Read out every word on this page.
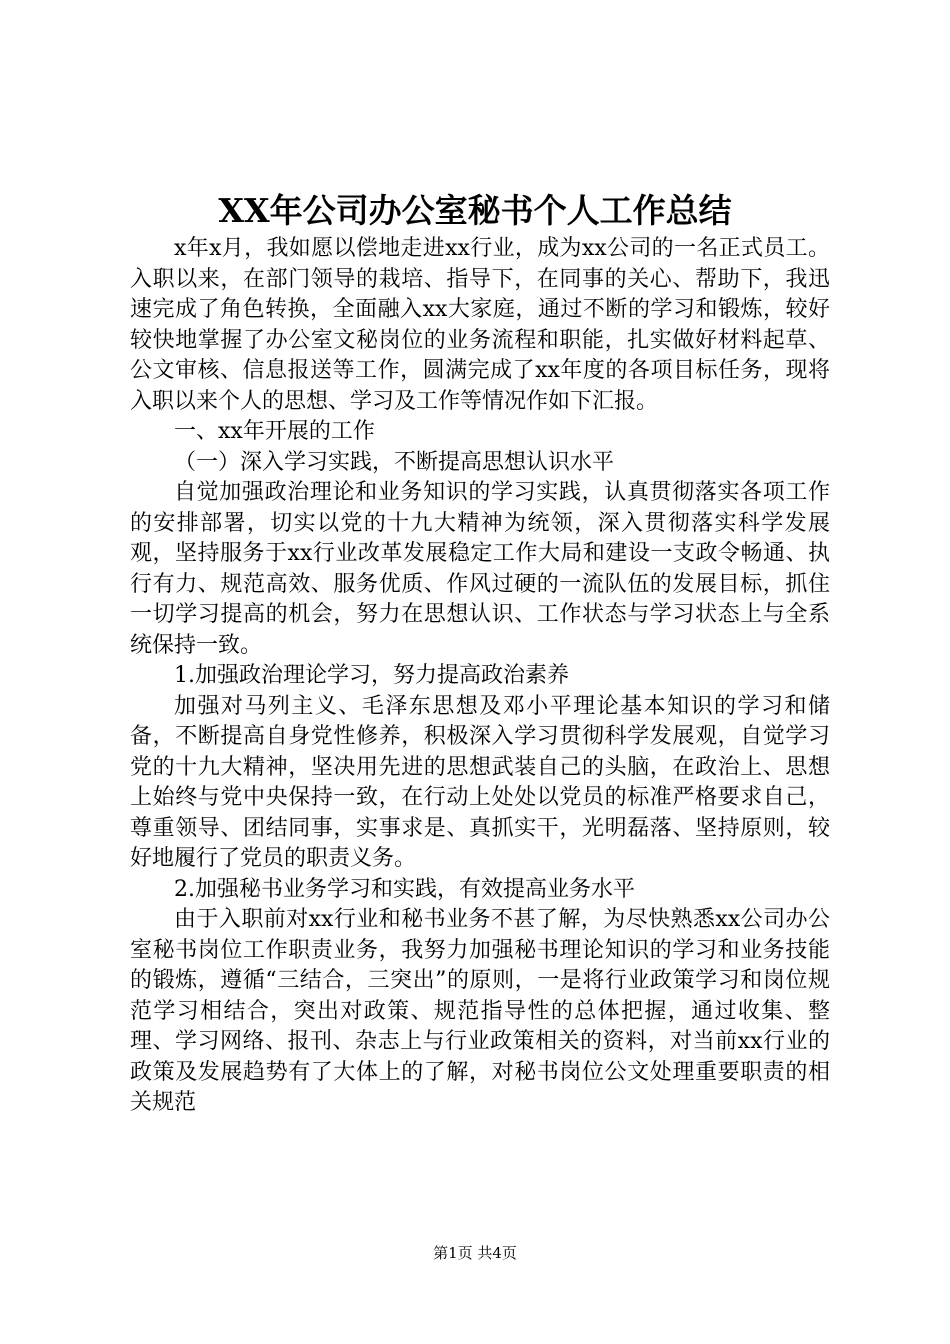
XX年公司办公室秘书个人工作总结

x年x月，我如愿以偿地走进xx行业，成为xx公司的一名正式员工。入职以来，在部门领导的栽培、指导下，在同事的关心、帮助下，我迅速完成了角色转换，全面融入xx大家庭，通过不断的学习和锻炼，较好较快地掌握了办公室文秘岗位的业务流程和职能，扎实做好材料起草、公文审核、信息报送等工作，圆满完成了xx年度的各项目标任务，现将入职以来个人的思想、学习及工作等情况作如下汇报。

一、xx年开展的工作

（一）深入学习实践，不断提高思想认识水平

自觉加强政治理论和业务知识的学习实践，认真贯彻落实各项工作的安排部署，切实以党的十九大精神为统领，深入贯彻落实科学发展观，坚持服务于xx行业改革发展稳定工作大局和建设一支政令畅通、执行有力、规范高效、服务优质、作风过硬的一流队伍的发展目标，抓住一切学习提高的机会，努力在思想认识、工作状态与学习状态上与全系统保持一致。

1.加强政治理论学习，努力提高政治素养

加强对马列主义、毛泽东思想及邓小平理论基本知识的学习和储备，不断提高自身党性修养，积极深入学习贯彻科学发展观，自觉学习党的十九大精神，坚决用先进的思想武装自己的头脑，在政治上、思想上始终与党中央保持一致，在行动上处处以党员的标准严格要求自己，尊重领导、团结同事，实事求是、真抓实干，光明磊落、坚持原则，较好地履行了党员的职责义务。

2.加强秘书业务学习和实践，有效提高业务水平

由于入职前对xx行业和秘书业务不甚了解，为尽快熟悉xx公司办公室秘书岗位工作职责业务，我努力加强秘书理论知识的学习和业务技能的锻炼，遵循“三结合，三突出”的原则，一是将行业政策学习和岗位规范学习相结合，突出对政策、规范指导性的总体把握，通过收集、整理、学习网络、报刊、杂志上与行业政策相关的资料，对当前xx行业的政策及发展趋势有了大体上的了解，对秘书岗位公文处理重要职责的相关规范

第1页 共4页
